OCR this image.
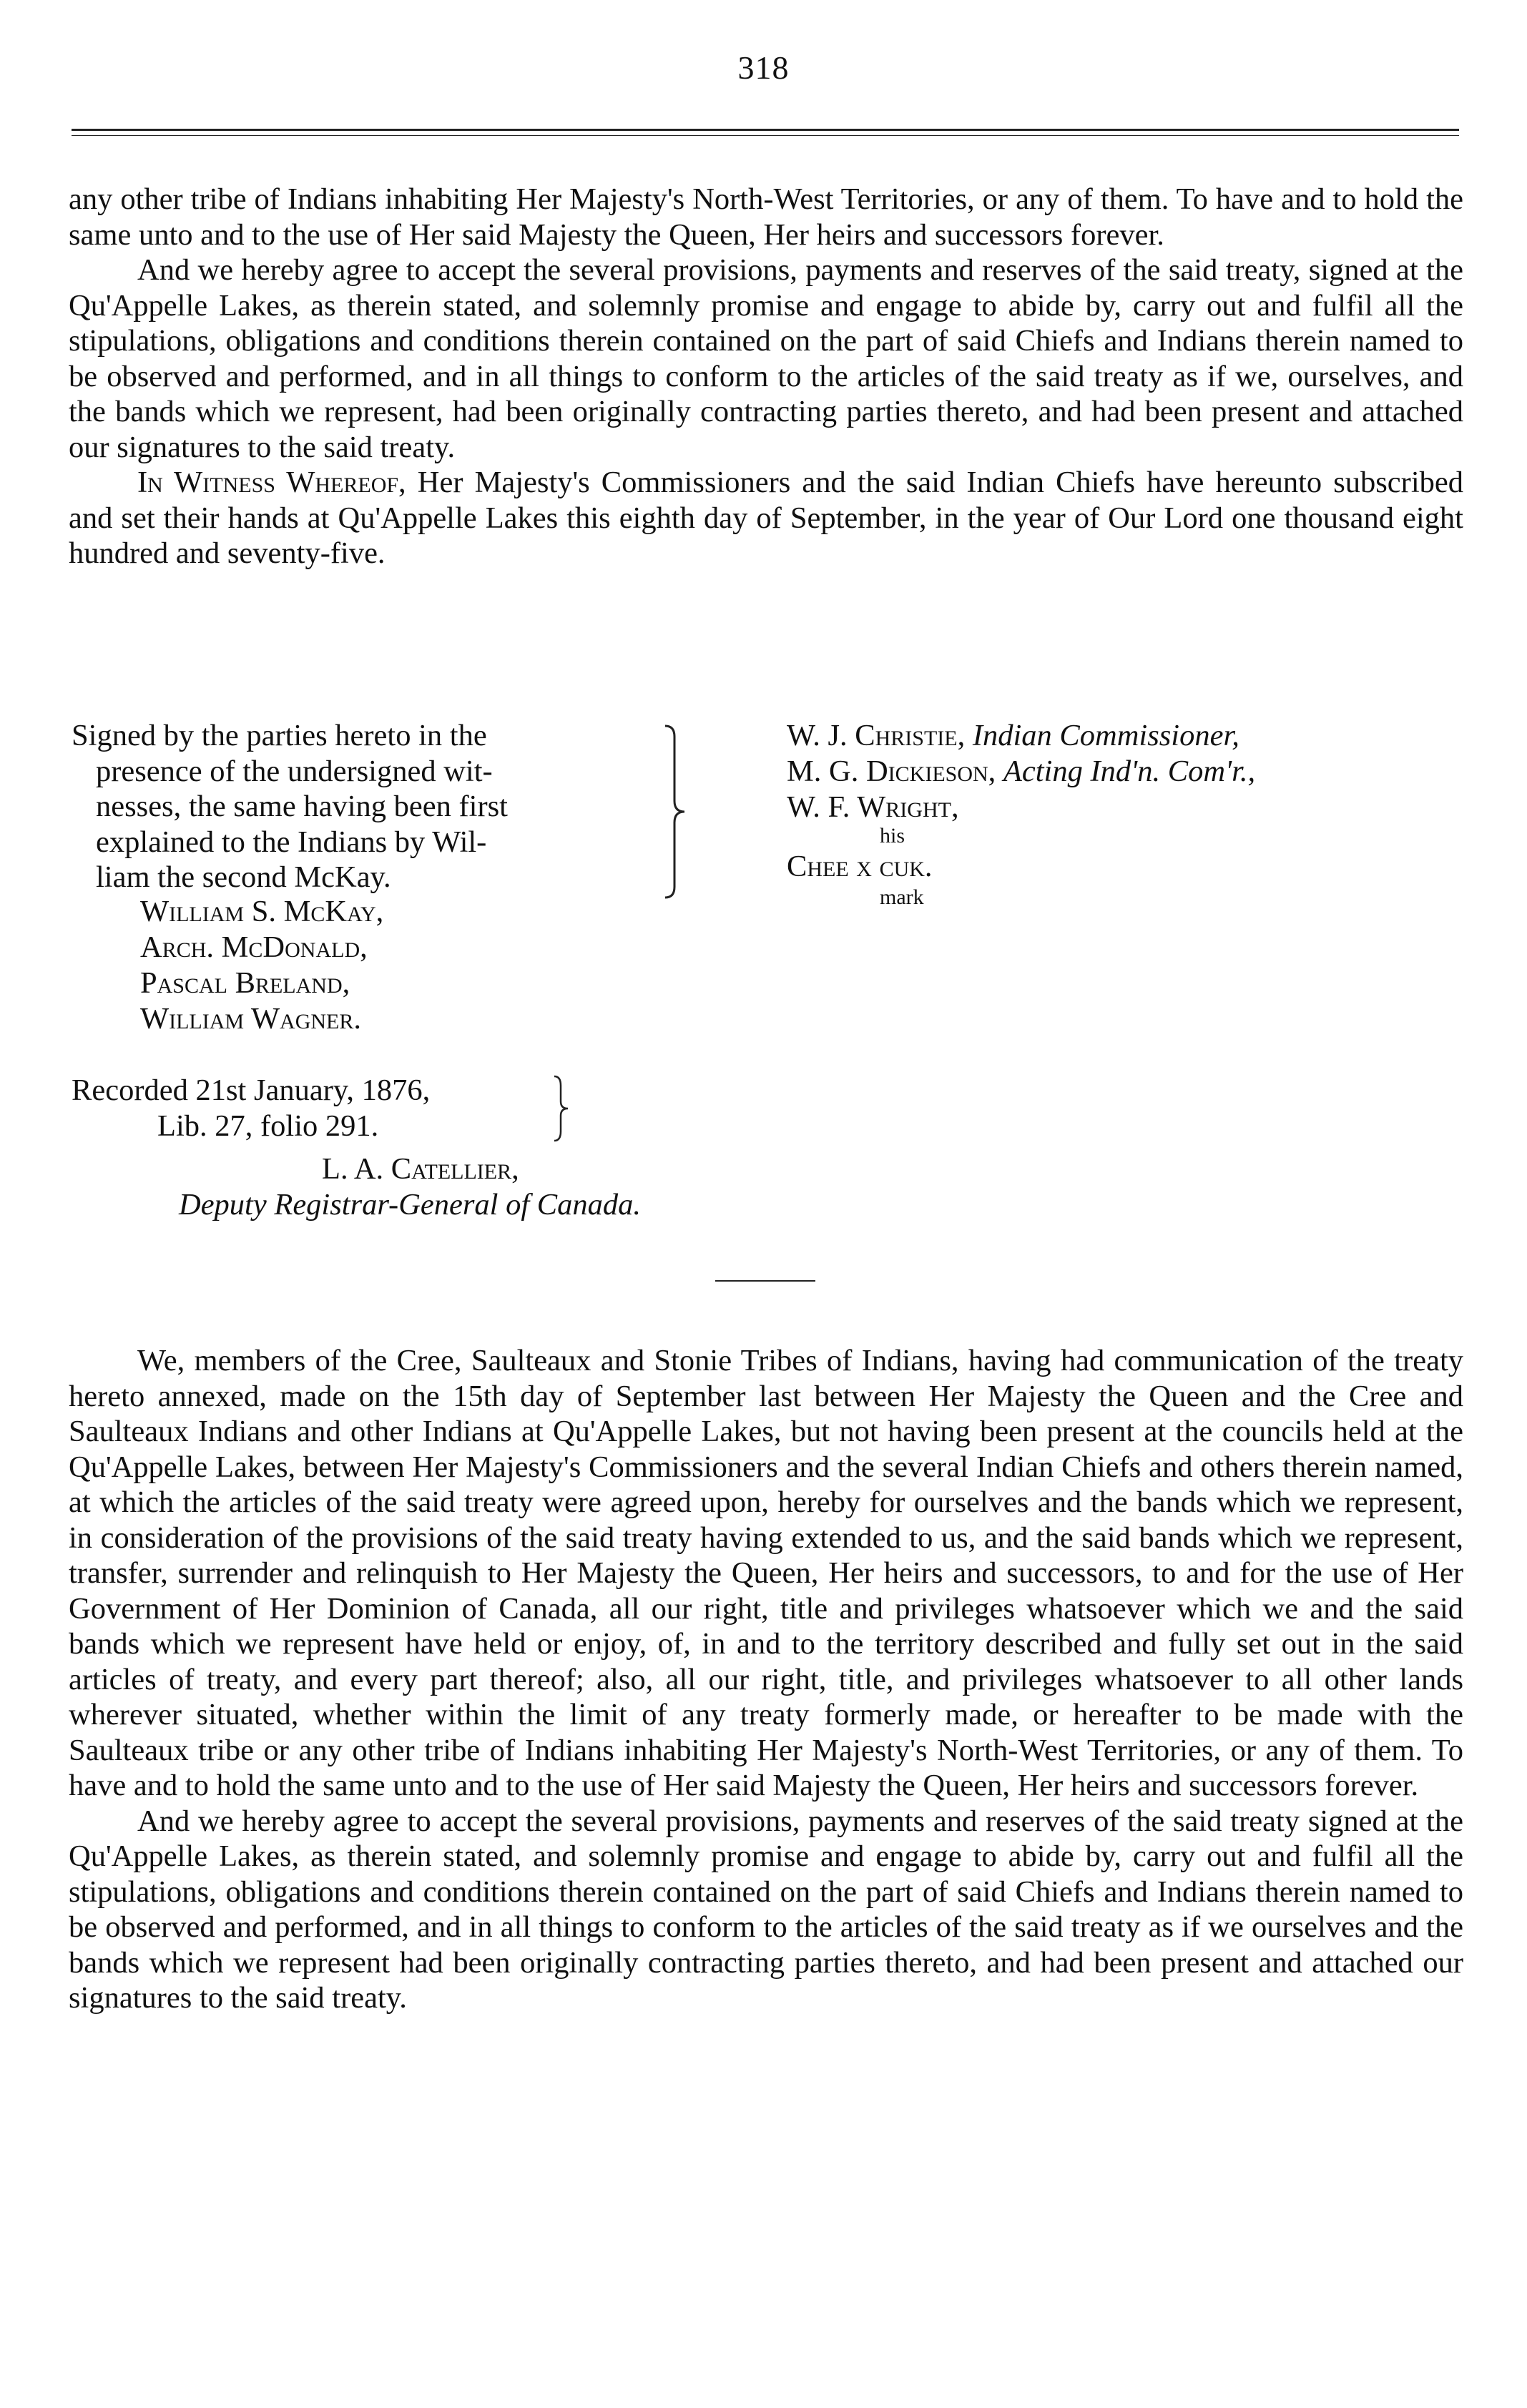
318

any other tribe of Indians inhabiting Her Majesty's North-West Territories, or any of them. To have and to hold the same unto and to the use of Her said Majesty the Queen, Her heirs and successors forever.

And we hereby agree to accept the several provisions, payments and reserves of the said treaty, signed at the Qu'Appelle Lakes, as therein stated, and solemnly promise and engage to abide by, carry out and fulfil all the stipulations, obligations and conditions therein contained on the part of said Chiefs and Indians therein named to be observed and performed, and in all things to conform to the articles of the said treaty as if we, ourselves, and the bands which we represent, had been originally contracting parties thereto, and had been present and attached our signatures to the said treaty.

In Witness Whereof, Her Majesty's Commissioners and the said Indian Chiefs have hereunto subscribed and set their hands at Qu'Appelle Lakes this eighth day of September, in the year of Our Lord one thousand eight hundred and seventy-five.

Signed by the parties hereto in the
presence of the undersigned wit-
nesses, the same having been first
explained to the Indians by Wil-
liam the second McKay.
William S. McKay,
Arch. McDonald,
Pascal Breland,
William Wagner.
Recorded 21st January, 1876,
Lib. 27, folio 291.
L. A. Catellier,
Deputy Registrar-General of Canada.
W. J. Christie, Indian Commissioner,
M. G. Dickieson, Acting Ind'n. Com'r.,
W. F. Wright,
his
Chee x cuk.
mark

We, members of the Cree, Saulteaux and Stonie Tribes of Indians, having had communication of the treaty hereto annexed, made on the 15th day of September last between Her Majesty the Queen and the Cree and Saulteaux Indians and other Indians at Qu'Appelle Lakes, but not having been present at the councils held at the Qu'Appelle Lakes, between Her Majesty's Commissioners and the several Indian Chiefs and others therein named, at which the articles of the said treaty were agreed upon, hereby for ourselves and the bands which we represent, in consideration of the provisions of the said treaty having extended to us, and the said bands which we represent, transfer, surrender and relinquish to Her Majesty the Queen, Her heirs and successors, to and for the use of Her Government of Her Dominion of Canada, all our right, title and privileges whatsoever which we and the said bands which we represent have held or enjoy, of, in and to the territory described and fully set out in the said articles of treaty, and every part thereof; also, all our right, title, and privileges whatsoever to all other lands wherever situated, whether within the limit of any treaty formerly made, or hereafter to be made with the Saulteaux tribe or any other tribe of Indians inhabiting Her Majesty's North-West Territories, or any of them. To have and to hold the same unto and to the use of Her said Majesty the Queen, Her heirs and successors forever.

And we hereby agree to accept the several provisions, payments and reserves of the said treaty signed at the Qu'Appelle Lakes, as therein stated, and solemnly promise and engage to abide by, carry out and fulfil all the stipulations, obligations and conditions therein contained on the part of said Chiefs and Indians therein named to be observed and performed, and in all things to conform to the articles of the said treaty as if we ourselves and the bands which we represent had been originally contracting parties thereto, and had been present and attached our signatures to the said treaty.
